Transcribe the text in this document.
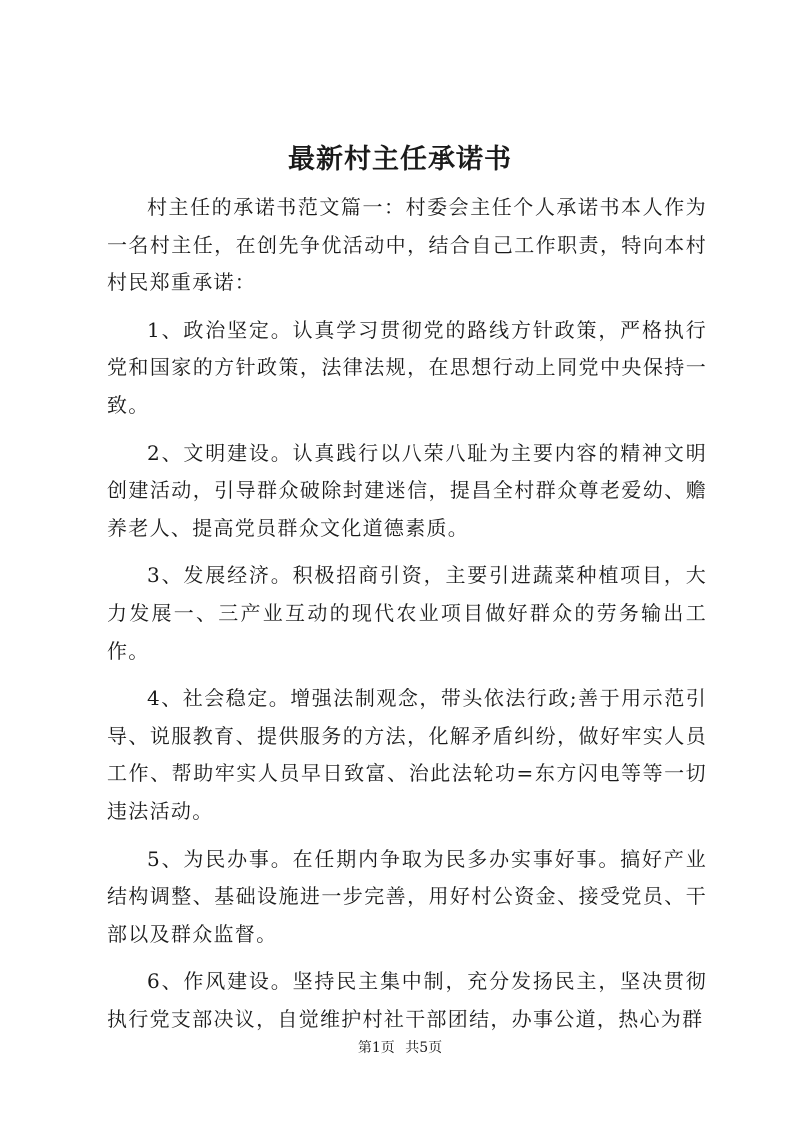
最新村主任承诺书

村主任的承诺书范文篇一：村委会主任个人承诺书本人作为一名村主任，在创先争优活动中，结合自己工作职责，特向本村村民郑重承诺：

1、政治坚定。认真学习贯彻党的路线方针政策，严格执行党和国家的方针政策，法律法规，在思想行动上同党中央保持一致。

2、文明建设。认真践行以八荣八耻为主要内容的精神文明创建活动，引导群众破除封建迷信，提昌全村群众尊老爱幼、赡养老人、提高党员群众文化道德素质。

3、发展经济。积极招商引资，主要引进蔬菜种植项目，大力发展一、三产业互动的现代农业项目做好群众的劳务输出工作。

4、社会稳定。增强法制观念，带头依法行政;善于用示范引导、说服教育、提供服务的方法，化解矛盾纠纷，做好牢实人员工作、帮助牢实人员早日致富、治此法轮功=东方闪电等等一切违法活动。

5、为民办事。在任期内争取为民多办实事好事。搞好产业结构调整、基础设施进一步完善，用好村公资金、接受党员、干部以及群众监督。

6、作风建设。坚持民主集中制，充分发扬民主，坚决贯彻执行党支部决议，自觉维护村社干部团结，办事公道，热心为群

第1页 共5页
